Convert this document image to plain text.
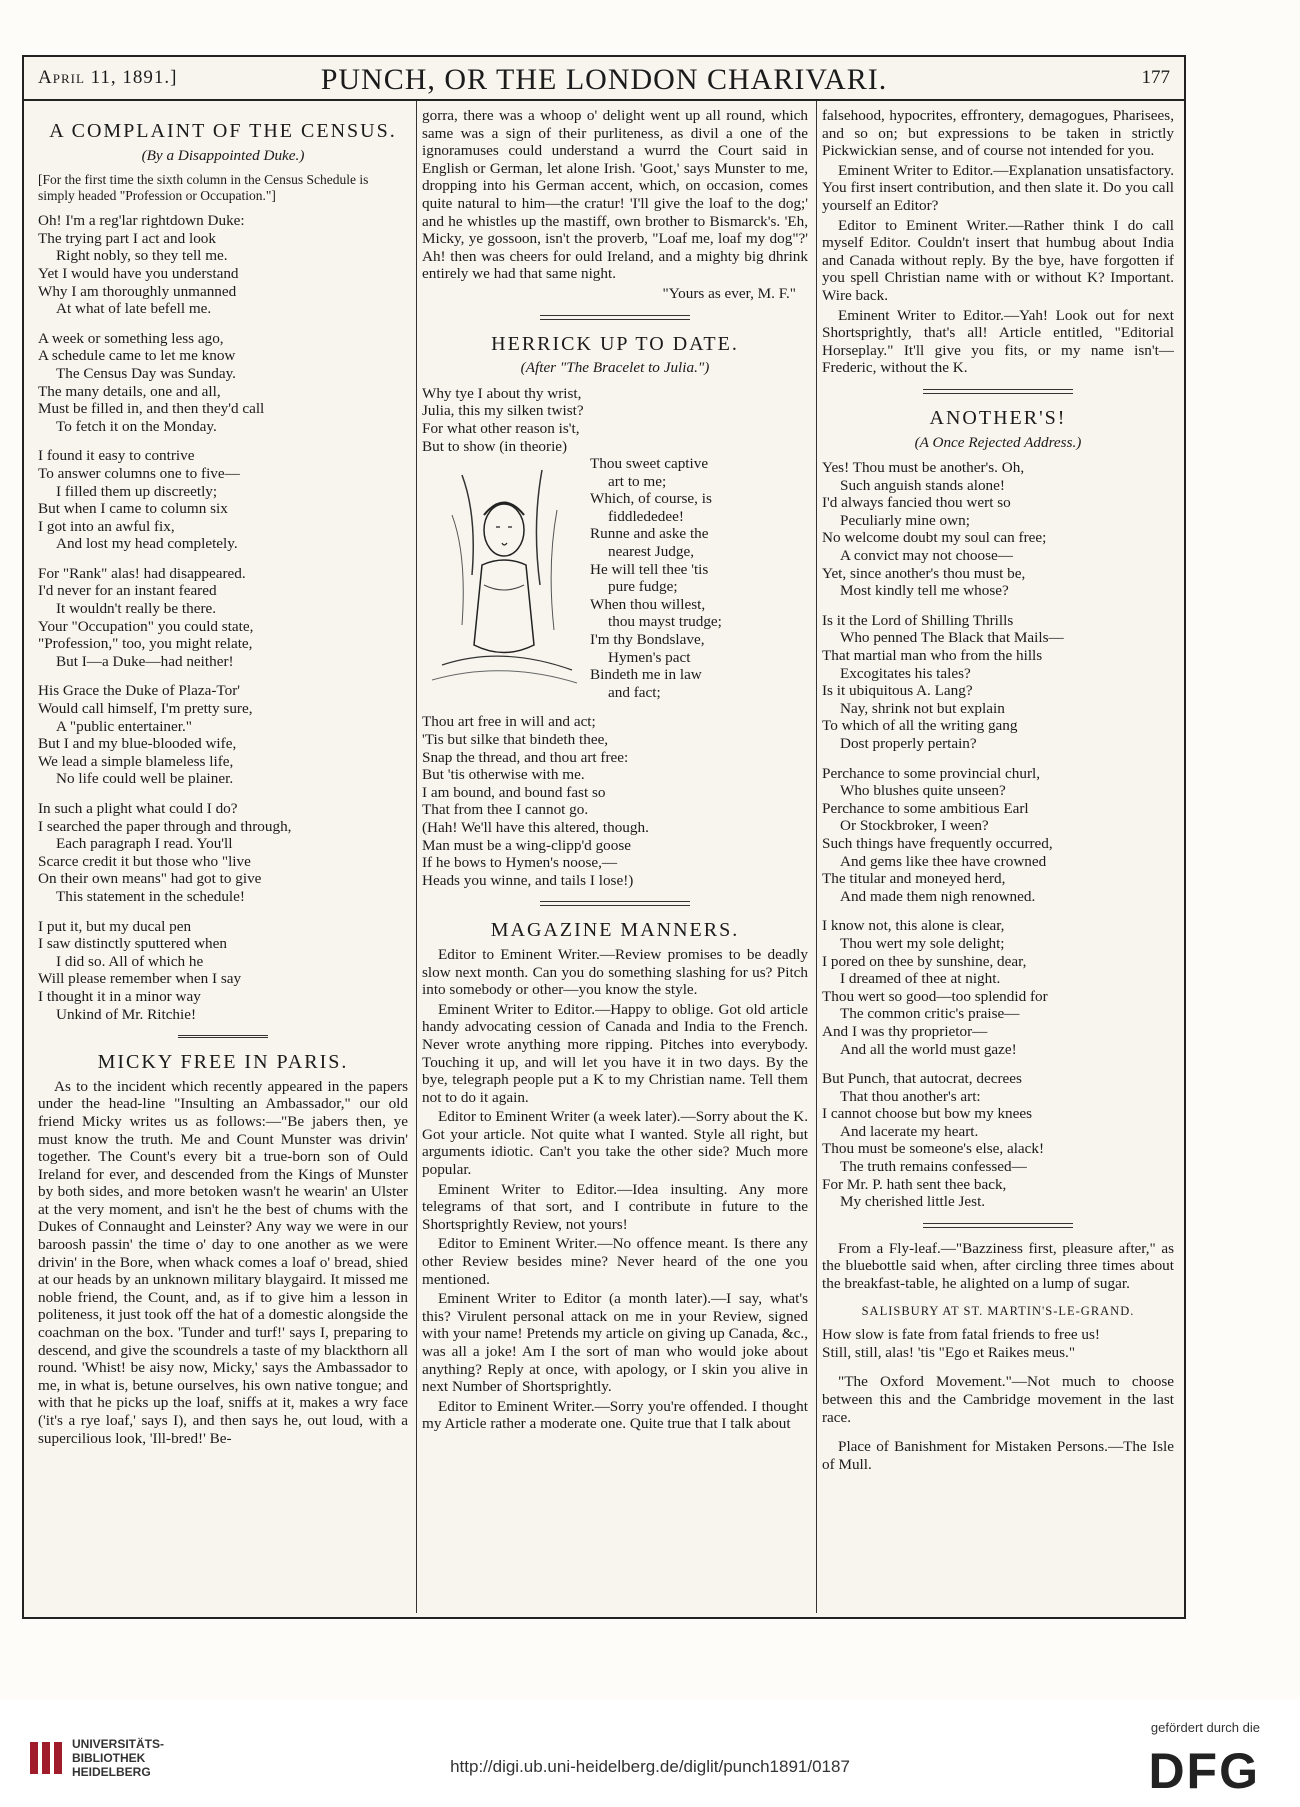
April 11, 1891.]	PUNCH, OR THE LONDON CHARIVARI.	177
A COMPLAINT OF THE CENSUS.
(By a Disappointed Duke.)
[For the first time the sixth column in the Census Schedule is simply headed "Profession or Occupation."]
Oh! I'm a reg'lar rightdown Duke:
The trying part I act and look
Right nobly, so they tell me.
Yet I would have you understand
Why I am thoroughly unmanned
At what of late befell me.
A week or something less ago,
A schedule came to let me know
The Census Day was Sunday.
The many details, one and all,
Must be filled in, and then they'd call
To fetch it on the Monday.
I found it easy to contrive
To answer columns one to five—
I filled them up discreetly;
But when I came to column six
I got into an awful fix,
And lost my head completely.
For "Rank" alas! had disappeared.
I'd never for an instant feared
It wouldn't really be there.
Your "Occupation" you could state,
"Profession," too, you might relate,
But I—a Duke—had neither!
His Grace the Duke of Plaza-Tor'
Would call himself, I'm pretty sure,
A "public entertainer."
But I and my blue-blooded wife,
We lead a simple blameless life,
No life could well be plainer.
In such a plight what could I do?
I searched the paper through and through,
Each paragraph I read. You'll
Scarce credit it but those who "live
On their own means" had got to give
This statement in the schedule!
I put it, but my ducal pen
I saw distinctly sputtered when
I did so. All of which he
Will please remember when I say
I thought it in a minor way
Unkind of Mr. Ritchie!
MICKY FREE IN PARIS.

As to the incident which recently appeared in the papers under the head-line "Insulting an Ambassador," our old friend Micky writes us as follows:—"Be jabers then, ye must know the truth. Me and Count Munster was drivin' together. The Count's every bit a true-born son of Ould Ireland for ever, and descended from the Kings of Munster by both sides, and more betoken wasn't he wearin' an Ulster at the very moment, and isn't he the best of chums with the Dukes of Connaught and Leinster? Any way we were in our baroosh passin' the time o' day to one another as we were drivin' in the Bore, when whack comes a loaf o' bread, shied at our heads by an unknown military blaygaird. It missed me noble friend, the Count, and, as if to give him a lesson in politeness, it just took off the hat of a domestic alongside the coachman on the box. 'Tunder and turf!' says I, preparing to descend, and give the scoundrels a taste of my blackthorn all round. 'Whist! be aisy now, Micky,' says the Ambassador to me, in what is, betune ourselves, his own native tongue; and with that he picks up the loaf, sniffs at it, makes a wry face ('it's a rye loaf,' says I), and then says he, out loud, with a supercilious look, 'Ill-bred!' Be-

gorra, there was a whoop o' delight went up all round, which same was a sign of their purliteness, as divil a one of the ignoramuses could understand a wurrd the Court said in English or German, let alone Irish. 'Goot,' says Munster to me, dropping into his German accent, which, on occasion, comes quite natural to him—the cratur! 'I'll give the loaf to the dog;' and he whistles up the mastiff, own brother to Bismarck's. 'Eh, Micky, ye gossoon, isn't the proverb, "Loaf me, loaf my dog"?' Ah! then was cheers for ould Ireland, and a mighty big dhrink entirely we had that same night.

"Yours as ever, M. F."
HERRICK UP TO DATE.
(After "The Bracelet to Julia.")
Why tye I about thy wrist,
Julia, this my silken twist?
For what other reason is't,
But to show (in theorie)
Thou sweet captive
art to me;
Which, of course, is
fiddlededee!
Runne and aske the
nearest Judge,
He will tell thee 'tis
pure fudge;
When thou willest,
thou mayst trudge;
I'm thy Bondslave,
Hymen's pact
Bindeth me in law
and fact;
Thou art free in will and act;
'Tis but silke that bindeth thee,
Snap the thread, and thou art free:
But 'tis otherwise with me.
I am bound, and bound fast so
That from thee I cannot go.
(Hah! We'll have this altered, though.
Man must be a wing-clipp'd goose
If he bows to Hymen's noose,—
Heads you winne, and tails I lose!)
MAGAZINE MANNERS.

Editor to Eminent Writer.—Review promises to be deadly slow next month. Can you do something slashing for us? Pitch into somebody or other—you know the style.

Eminent Writer to Editor.—Happy to oblige. Got old article handy advocating cession of Canada and India to the French. Never wrote anything more ripping. Pitches into everybody. Touching it up, and will let you have it in two days. By the bye, telegraph people put a K to my Christian name. Tell them not to do it again.

Editor to Eminent Writer (a week later).—Sorry about the K. Got your article. Not quite what I wanted. Style all right, but arguments idiotic. Can't you take the other side? Much more popular.

Eminent Writer to Editor.—Idea insulting. Any more telegrams of that sort, and I contribute in future to the Shortsprightly Review, not yours!

Editor to Eminent Writer.—No offence meant. Is there any other Review besides mine? Never heard of the one you mentioned.

Eminent Writer to Editor (a month later).—I say, what's this? Virulent personal attack on me in your Review, signed with your name! Pretends my article on giving up Canada, &c., was all a joke! Am I the sort of man who would joke about anything? Reply at once, with apology, or I skin you alive in next Number of Shortsprightly.

Editor to Eminent Writer.—Sorry you're offended. I thought my Article rather a moderate one. Quite true that I talk about

falsehood, hypocrites, effrontery, demagogues, Pharisees, and so on; but expressions to be taken in strictly Pickwickian sense, and of course not intended for you.

Eminent Writer to Editor.—Explanation unsatisfactory. You first insert contribution, and then slate it. Do you call yourself an Editor?

Editor to Eminent Writer.—Rather think I do call myself Editor. Couldn't insert that humbug about India and Canada without reply. By the bye, have forgotten if you spell Christian name with or without K? Important. Wire back.

Eminent Writer to Editor.—Yah! Look out for next Shortsprightly, that's all! Article entitled, "Editorial Horseplay." It'll give you fits, or my name isn't—Frederic, without the K.

ANOTHER'S!
(A Once Rejected Address.)
Yes! Thou must be another's. Oh,
Such anguish stands alone!
I'd always fancied thou wert so
Peculiarly mine own;
No welcome doubt my soul can free;
A convict may not choose—
Yet, since another's thou must be,
Most kindly tell me whose?
Is it the Lord of Shilling Thrills
Who penned The Black that Mails—
That martial man who from the hills
Excogitates his tales?
Is it ubiquitous A. Lang?
Nay, shrink not but explain
To which of all the writing gang
Dost properly pertain?
Perchance to some provincial churl,
Who blushes quite unseen?
Perchance to some ambitious Earl
Or Stockbroker, I ween?
Such things have frequently occurred,
And gems like thee have crowned
The titular and moneyed herd,
And made them nigh renowned.
I know not, this alone is clear,
Thou wert my sole delight;
I pored on thee by sunshine, dear,
I dreamed of thee at night.
Thou wert so good—too splendid for
The common critic's praise—
And I was thy proprietor—
And all the world must gaze!
But Punch, that autocrat, decrees
That thou another's art:
I cannot choose but bow my knees
And lacerate my heart.
Thou must be someone's else, alack!
The truth remains confessed—
For Mr. P. hath sent thee back,
My cherished little Jest.

From a Fly-leaf.—"Bazziness first, pleasure after," as the bluebottle said when, after circling three times about the breakfast-table, he alighted on a lump of sugar.

SALISBURY AT ST. MARTIN'S-LE-GRAND.
How slow is fate from fatal friends to free us!
Still, still, alas! 'tis "Ego et Raikes meus."

"The Oxford Movement."—Not much to choose between this and the Cambridge movement in the last race.

Place of Banishment for Mistaken Persons.—The Isle of Mull.

UNIVERSITÄTS-
BIBLIOTHEK
HEIDELBERG	http://digi.ub.uni-heidelberg.de/diglit/punch1891/0187
gefördert durch die
DFG
